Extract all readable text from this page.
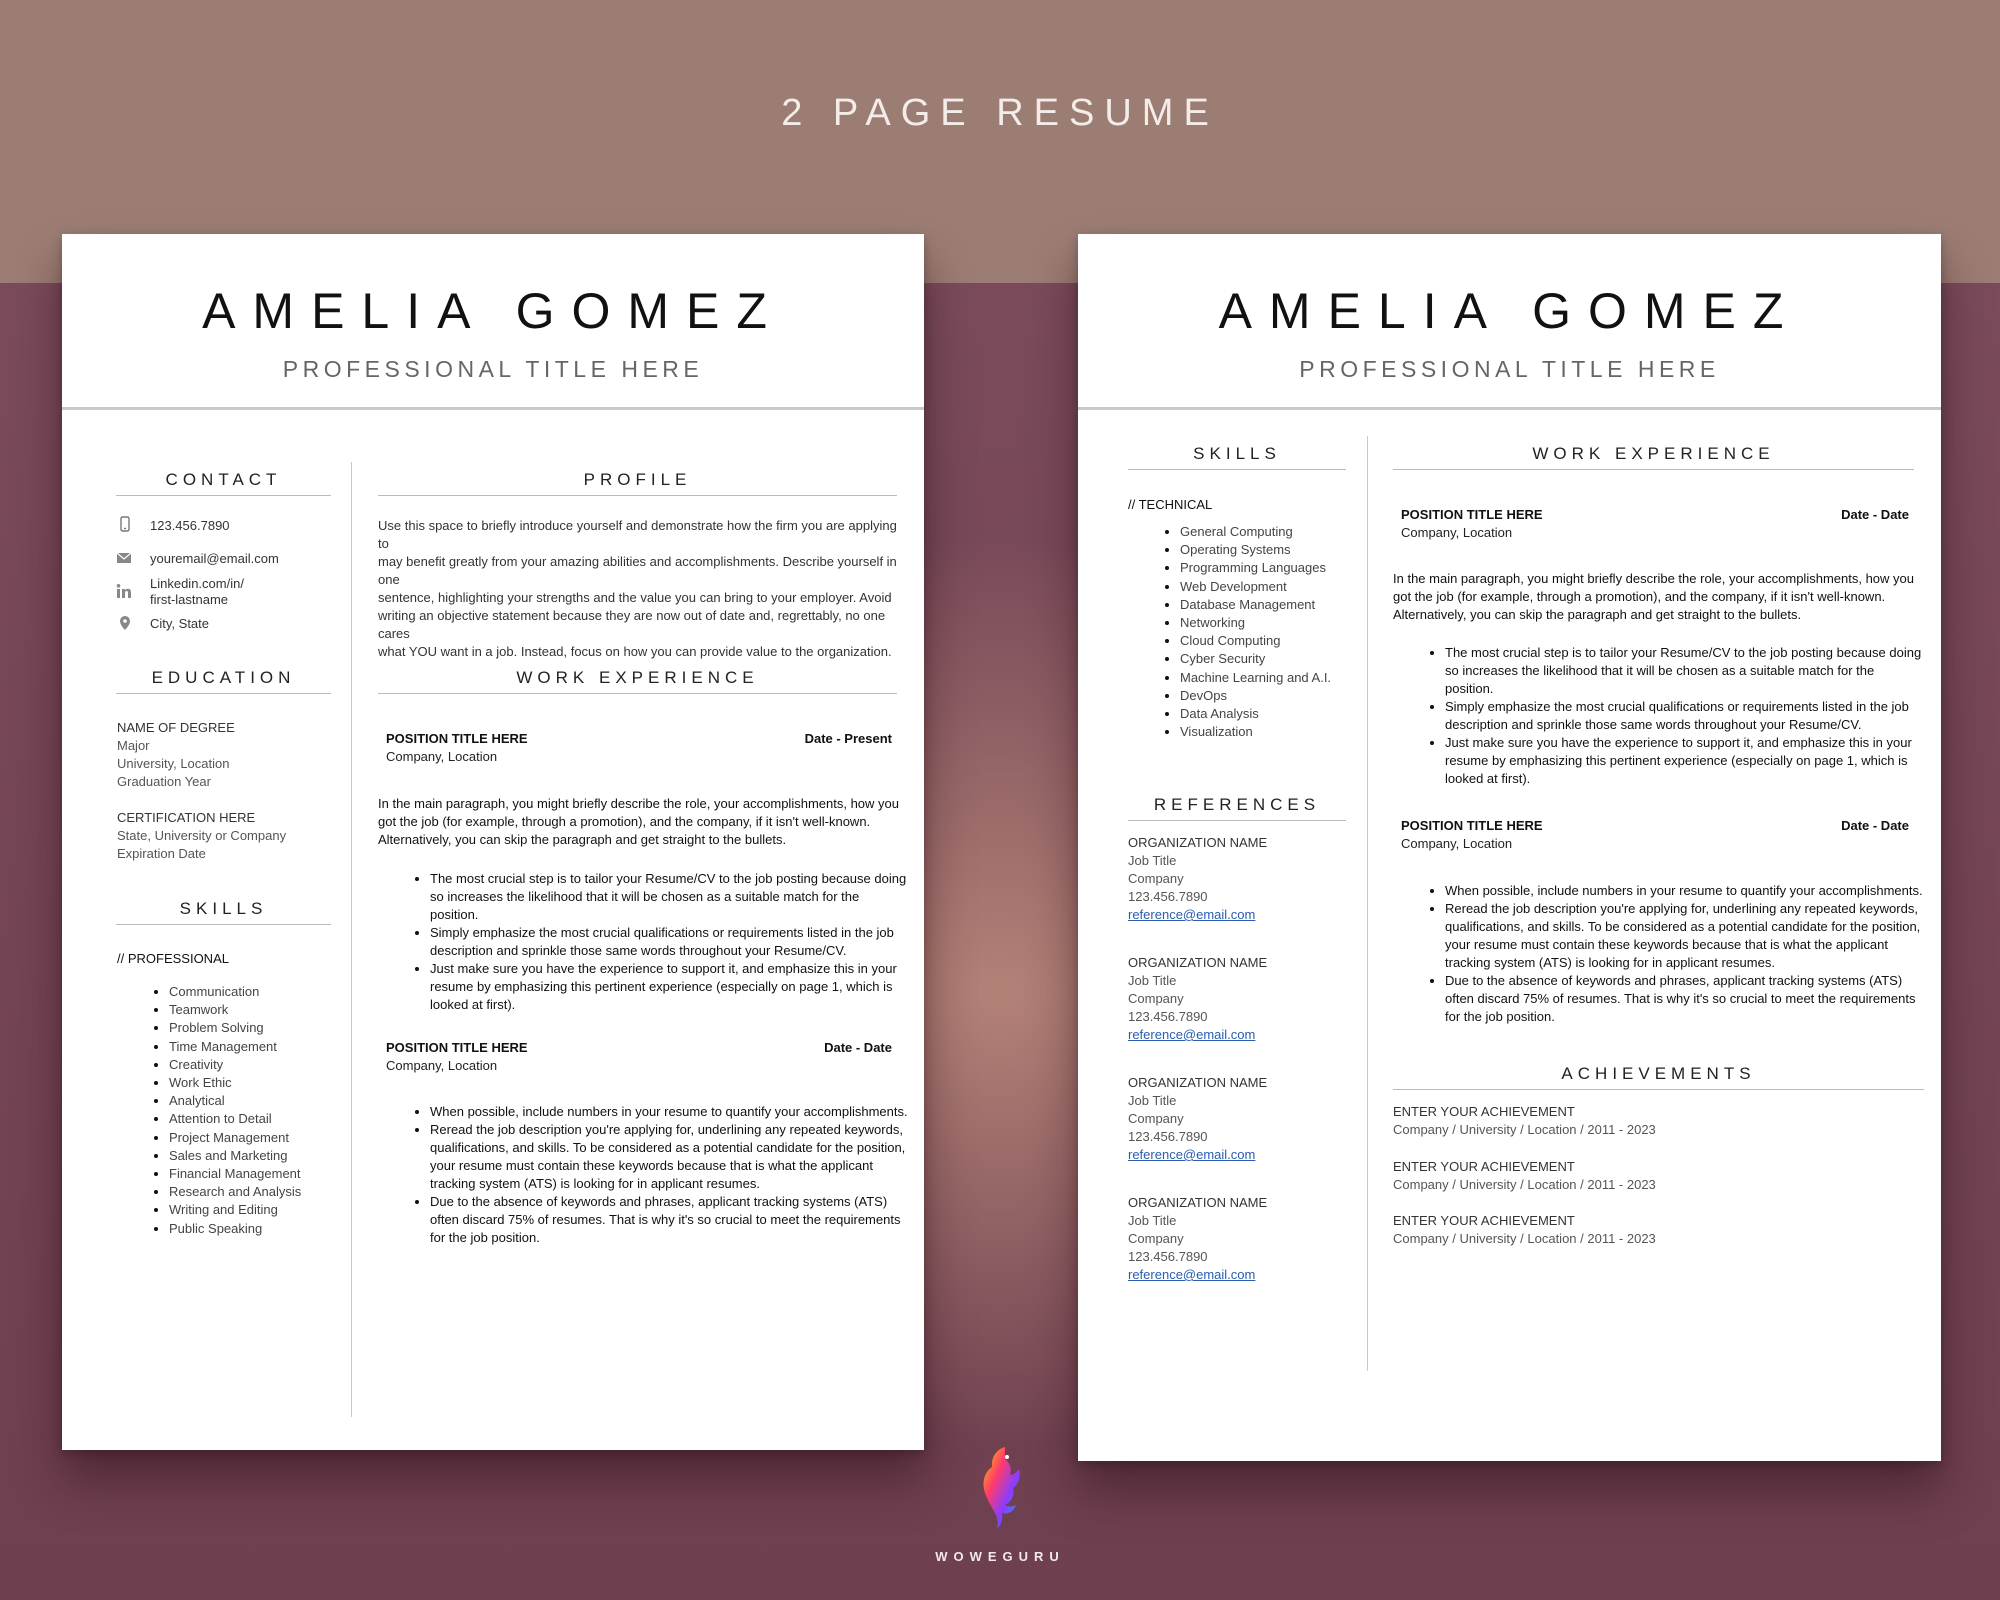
2 PAGE RESUME
AMELIA GOMEZ
PROFESSIONAL TITLE HERE
CONTACT
123.456.7890
youremail@email.com
Linkedin.com/in/
first-lastname
City, State
EDUCATION
NAME OF DEGREE
Major
University, Location
Graduation Year
CERTIFICATION HERE
State, University or Company
Expiration Date
SKILLS
// PROFESSIONAL
• Communication
• Teamwork
• Problem Solving
• Time Management
• Creativity
• Work Ethic
• Analytical
• Attention to Detail
• Project Management
• Sales and Marketing
• Financial Management
• Research and Analysis
• Writing and Editing
• Public Speaking
PROFILE
Use this space to briefly introduce yourself and demonstrate how the firm you are applying to
may benefit greatly from your amazing abilities and accomplishments. Describe yourself in one
sentence, highlighting your strengths and the value you can bring to your employer. Avoid
writing an objective statement because they are now out of date and, regrettably, no one cares
what YOU want in a job. Instead, focus on how you can provide value to the organization.
WORK EXPERIENCE
POSITION TITLE HERE
Company, Location
Date - Present
In the main paragraph, you might briefly describe the role, your accomplishments, how you
got the job (for example, through a promotion), and the company, if it isn't well-known.
Alternatively, you can skip the paragraph and get straight to the bullets.
• The most crucial step is to tailor your Resume/CV to the job posting because doing
so increases the likelihood that it will be chosen as a suitable match for the
position.
• Simply emphasize the most crucial qualifications or requirements listed in the job
description and sprinkle those same words throughout your Resume/CV.
• Just make sure you have the experience to support it, and emphasize this in your
resume by emphasizing this pertinent experience (especially on page 1, which is
looked at first).
POSITION TITLE HERE
Company, Location
Date - Date
• When possible, include numbers in your resume to quantify your accomplishments.
• Reread the job description you're applying for, underlining any repeated keywords,
qualifications, and skills. To be considered as a potential candidate for the position,
your resume must contain these keywords because that is what the applicant
tracking system (ATS) is looking for in applicant resumes.
• Due to the absence of keywords and phrases, applicant tracking systems (ATS)
often discard 75% of resumes. That is why it's so crucial to meet the requirements
for the job position.
AMELIA GOMEZ
PROFESSIONAL TITLE HERE
SKILLS
// TECHNICAL
• General Computing
• Operating Systems
• Programming Languages
• Web Development
• Database Management
• Networking
• Cloud Computing
• Cyber Security
• Machine Learning and A.I.
• DevOps
• Data Analysis
• Visualization
REFERENCES
WORK EXPERIENCE
POSITION TITLE HERE
Company, Location
Date - Date
In the main paragraph, you might briefly describe the role, your accomplishments, how you
got the job (for example, through a promotion), and the company, if it isn't well-known.
Alternatively, you can skip the paragraph and get straight to the bullets.
• The most crucial step is to tailor your Resume/CV to the job posting because doing
so increases the likelihood that it will be chosen as a suitable match for the
position.
• Simply emphasize the most crucial qualifications or requirements listed in the job
description and sprinkle those same words throughout your Resume/CV.
• Just make sure you have the experience to support it, and emphasize this in your
resume by emphasizing this pertinent experience (especially on page 1, which is
looked at first).
POSITION TITLE HERE
Company, Location
Date - Date
• When possible, include numbers in your resume to quantify your accomplishments.
• Reread the job description you're applying for, underlining any repeated keywords,
qualifications, and skills. To be considered as a potential candidate for the position,
your resume must contain these keywords because that is what the applicant
tracking system (ATS) is looking for in applicant resumes.
• Due to the absence of keywords and phrases, applicant tracking systems (ATS)
often discard 75% of resumes. That is why it's so crucial to meet the requirements
for the job position.
ACHIEVEMENTS
ORGANIZATION NAME
Job Title
Company
123.456.7890
reference@email.com
ORGANIZATION NAME
Job Title
Company
123.456.7890
reference@email.com
ORGANIZATION NAME
Job Title
Company
123.456.7890
reference@email.com
ORGANIZATION NAME
Job Title
Company
123.456.7890
reference@email.com
ENTER YOUR ACHIEVEMENT
Company / University / Location / 2011 - 2023
ENTER YOUR ACHIEVEMENT
Company / University / Location / 2011 - 2023
ENTER YOUR ACHIEVEMENT
Company / University / Location / 2011 - 2023
WOWEGURU
